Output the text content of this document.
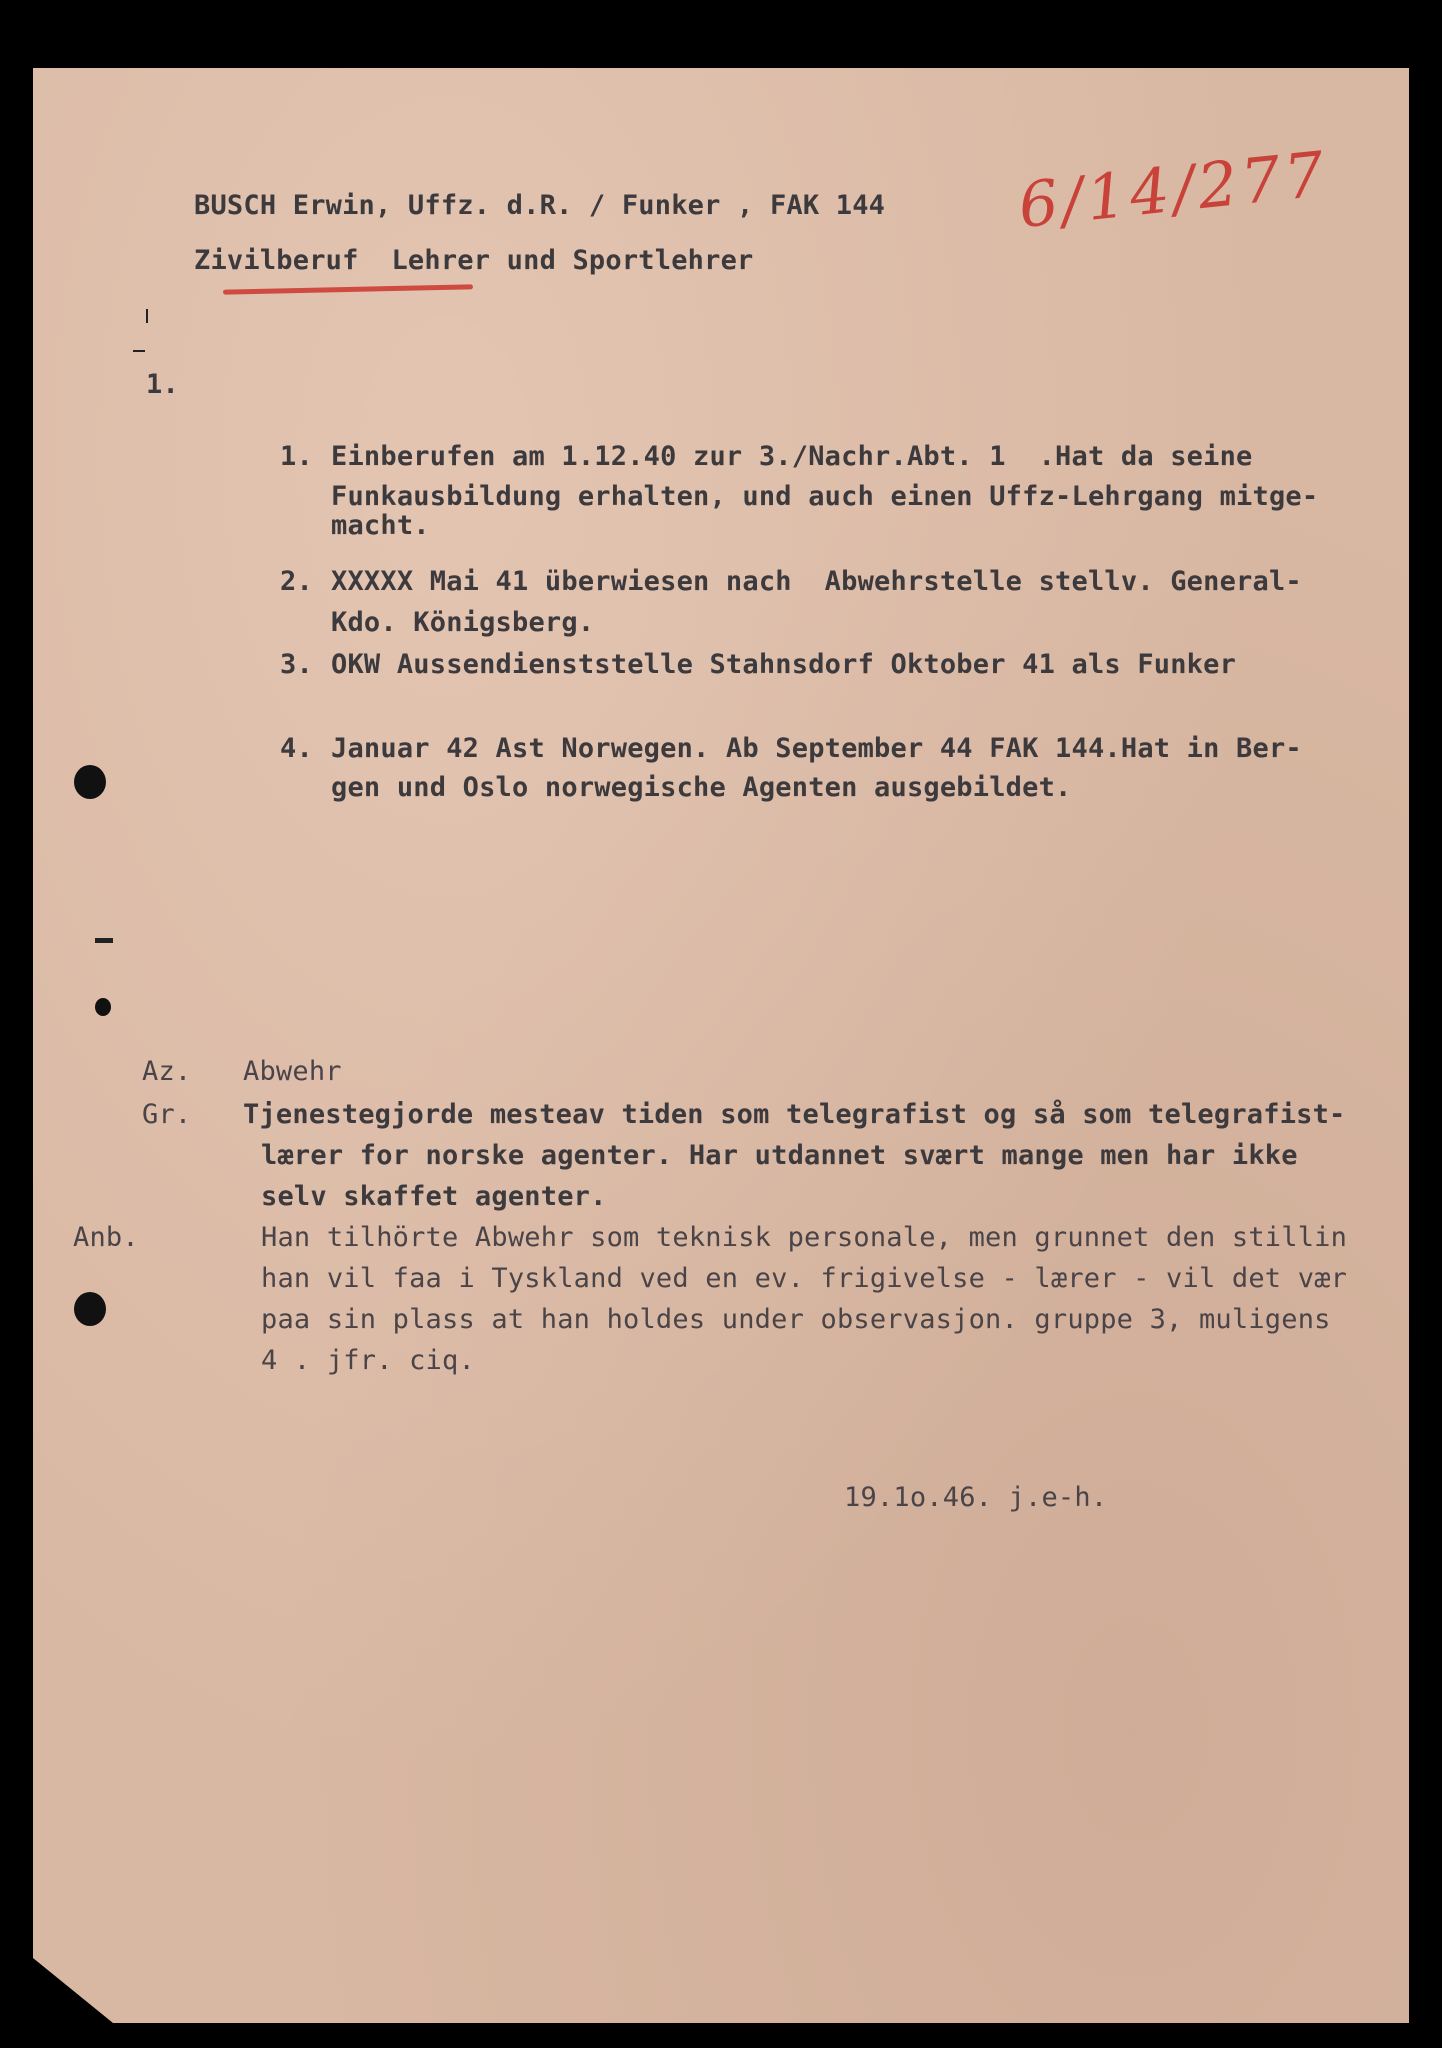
6/14/277
BUSCH Erwin, Uffz. d.R. / Funker , FAK 144
Zivilberuf  Lehrer und Sportlehrer
1.
1. Einberufen am 1.12.40 zur 3./Nachr.Abt. 1  .Hat da seine
Funkausbildung erhalten, und auch einen Uffz-Lehrgang mitge-
macht.
2. XXXXX Mai 41 überwiesen nach  Abwehrstelle stellv. General-
Kdo. Königsberg.
3. OKW Aussendienststelle Stahnsdorf Oktober 41 als Funker
4. Januar 42 Ast Norwegen. Ab September 44 FAK 144.Hat in Ber-
gen und Oslo norwegische Agenten ausgebildet.
Az. Abwehr
Gr. Tjenestegjorde mesteav tiden som telegrafist og så som telegrafist-
lærer for norske agenter. Har utdannet svært mange men har ikke
selv skaffet agenter.
Anb.	Han tilhörte Abwehr som teknisk personale, men grunnet den stillin
han vil faa i Tyskland ved en ev. frigivelse - lærer - vil det vær
paa sin plass at han holdes under observasjon. gruppe 3, muligens
4 . jfr. ciq.
19.1o.46. j.e-h.
